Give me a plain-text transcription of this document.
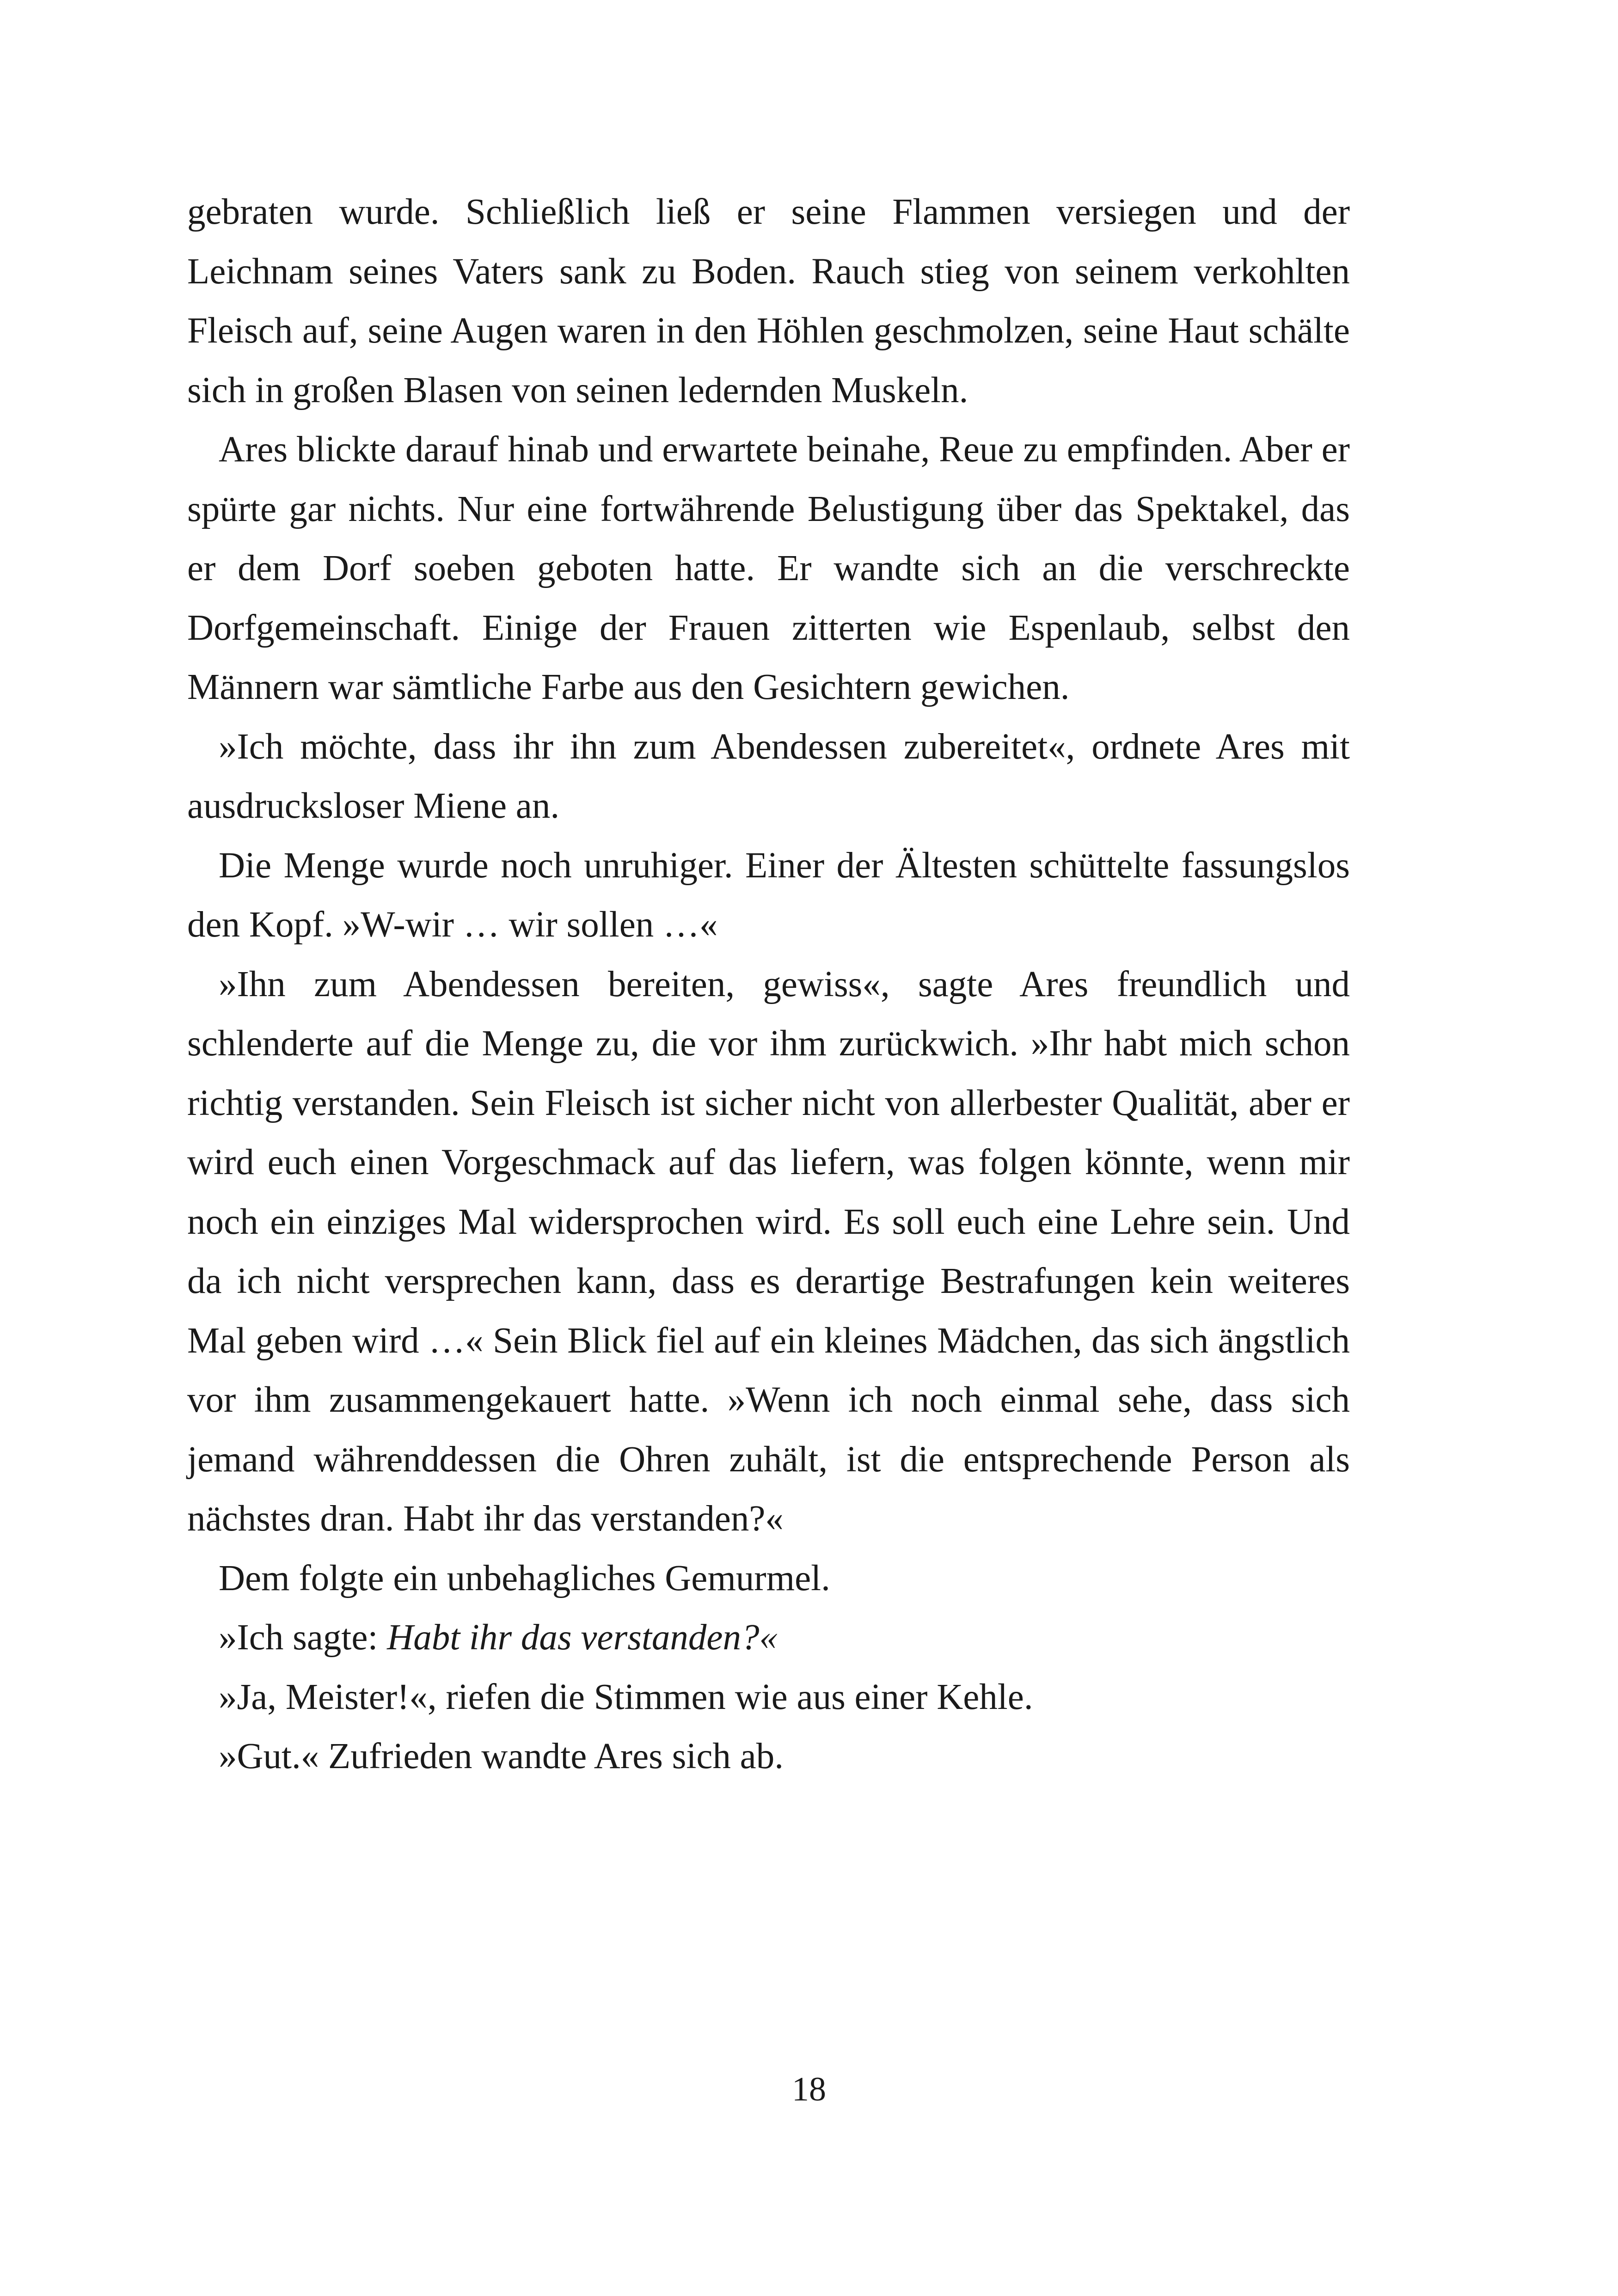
gebraten wurde. Schließlich ließ er seine Flammen versiegen und der Leichnam seines Vaters sank zu Boden. Rauch stieg von seinem verkohlten Fleisch auf, seine Augen waren in den Höhlen geschmolzen, seine Haut schälte sich in großen Blasen von seinen ledernden Muskeln.

Ares blickte darauf hinab und erwartete beinahe, Reue zu empfinden. Aber er spürte gar nichts. Nur eine fortwährende Belustigung über das Spektakel, das er dem Dorf soeben geboten hatte. Er wandte sich an die verschreckte Dorfgemeinschaft. Einige der Frauen zitterten wie Espenlaub, selbst den Männern war sämtliche Farbe aus den Gesichtern gewichen.

»Ich möchte, dass ihr ihn zum Abendessen zubereitet«, ordnete Ares mit ausdrucksloser Miene an.

Die Menge wurde noch unruhiger. Einer der Ältesten schüttelte fassungslos den Kopf. »W-wir … wir sollen …«

»Ihn zum Abendessen bereiten, gewiss«, sagte Ares freundlich und schlenderte auf die Menge zu, die vor ihm zurückwich. »Ihr habt mich schon richtig verstanden. Sein Fleisch ist sicher nicht von allerbester Qualität, aber er wird euch einen Vorgeschmack auf das liefern, was folgen könnte, wenn mir noch ein einziges Mal widersprochen wird. Es soll euch eine Lehre sein. Und da ich nicht versprechen kann, dass es derartige Bestrafungen kein weiteres Mal geben wird …« Sein Blick fiel auf ein kleines Mädchen, das sich ängstlich vor ihm zusammengekauert hatte. »Wenn ich noch einmal sehe, dass sich jemand währenddessen die Ohren zuhält, ist die entsprechende Person als nächstes dran. Habt ihr das verstanden?«

Dem folgte ein unbehagliches Gemurmel.

»Ich sagte: Habt ihr das verstanden?«

»Ja, Meister!«, riefen die Stimmen wie aus einer Kehle.

»Gut.« Zufrieden wandte Ares sich ab.

18
